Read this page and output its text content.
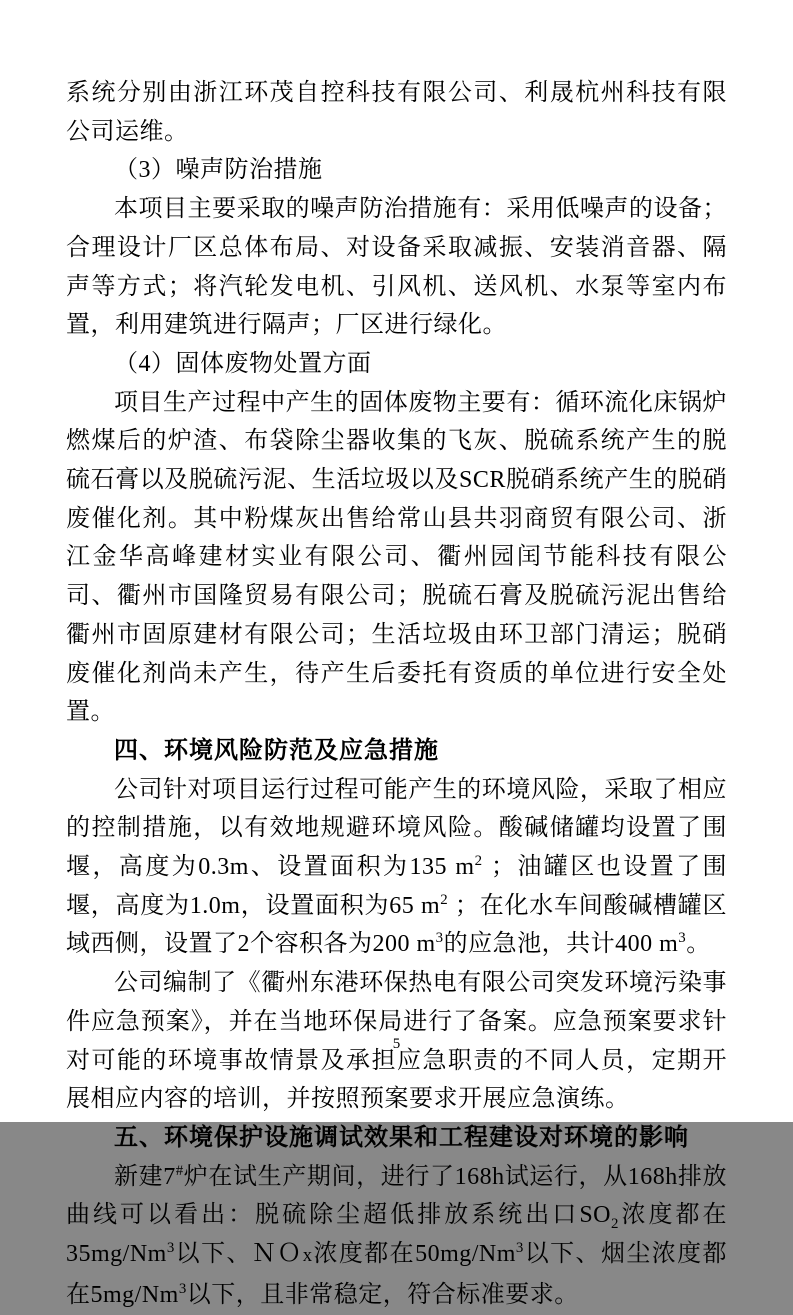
系统分别由浙江环茂自控科技有限公司、利晟杭州科技有限公司运维。

（3）噪声防治措施

本项目主要采取的噪声防治措施有：采用低噪声的设备；合理设计厂区总体布局、对设备采取减振、安装消音器、隔声等方式；将汽轮发电机、引风机、送风机、水泵等室内布置，利用建筑进行隔声；厂区进行绿化。

（4）固体废物处置方面

项目生产过程中产生的固体废物主要有：循环流化床锅炉燃煤后的炉渣、布袋除尘器收集的飞灰、脱硫系统产生的脱硫石膏以及脱硫污泥、生活垃圾以及SCR脱硝系统产生的脱硝废催化剂。其中粉煤灰出售给常山县共羽商贸有限公司、浙江金华高峰建材实业有限公司、衢州园闰节能科技有限公司、衢州市国隆贸易有限公司；脱硫石膏及脱硫污泥出售给衢州市固原建材有限公司；生活垃圾由环卫部门清运；脱硝废催化剂尚未产生，待产生后委托有资质的单位进行安全处置。

四、环境风险防范及应急措施

公司针对项目运行过程可能产生的环境风险，采取了相应的控制措施，以有效地规避环境风险。酸碱储罐均设置了围堰，高度为0.3m、设置面积为135 $m^2$ ；油罐区也设置了围堰，高度为1.0m，设置面积为65 $m^2$ ；在化水车间酸碱槽罐区域西侧，设置了2个容积各为200 $m^3$的应急池，共计400 $m^3$。

公司编制了《衢州东港环保热电有限公司突发环境污染事件应急预案》，并在当地环保局进行了备案。应急预案要求针对可能的环境事故情景及承担应急职责的不同人员，定期开展相应内容的培训，并按照预案要求开展应急演练。

五、环境保护设施调试效果和工程建设对环境的影响

新建7#炉在试生产期间，进行了168h试运行，从168h排放曲线可以看出：脱硫除尘超低排放系统出口$SO_2$浓度都在35mg/Nm$^3$以下、ＮＯx浓度都在50mg/Nm$^3$以下、烟尘浓度都在5mg/Nm$^3$以下，且非常稳定，符合标准要求。

5
